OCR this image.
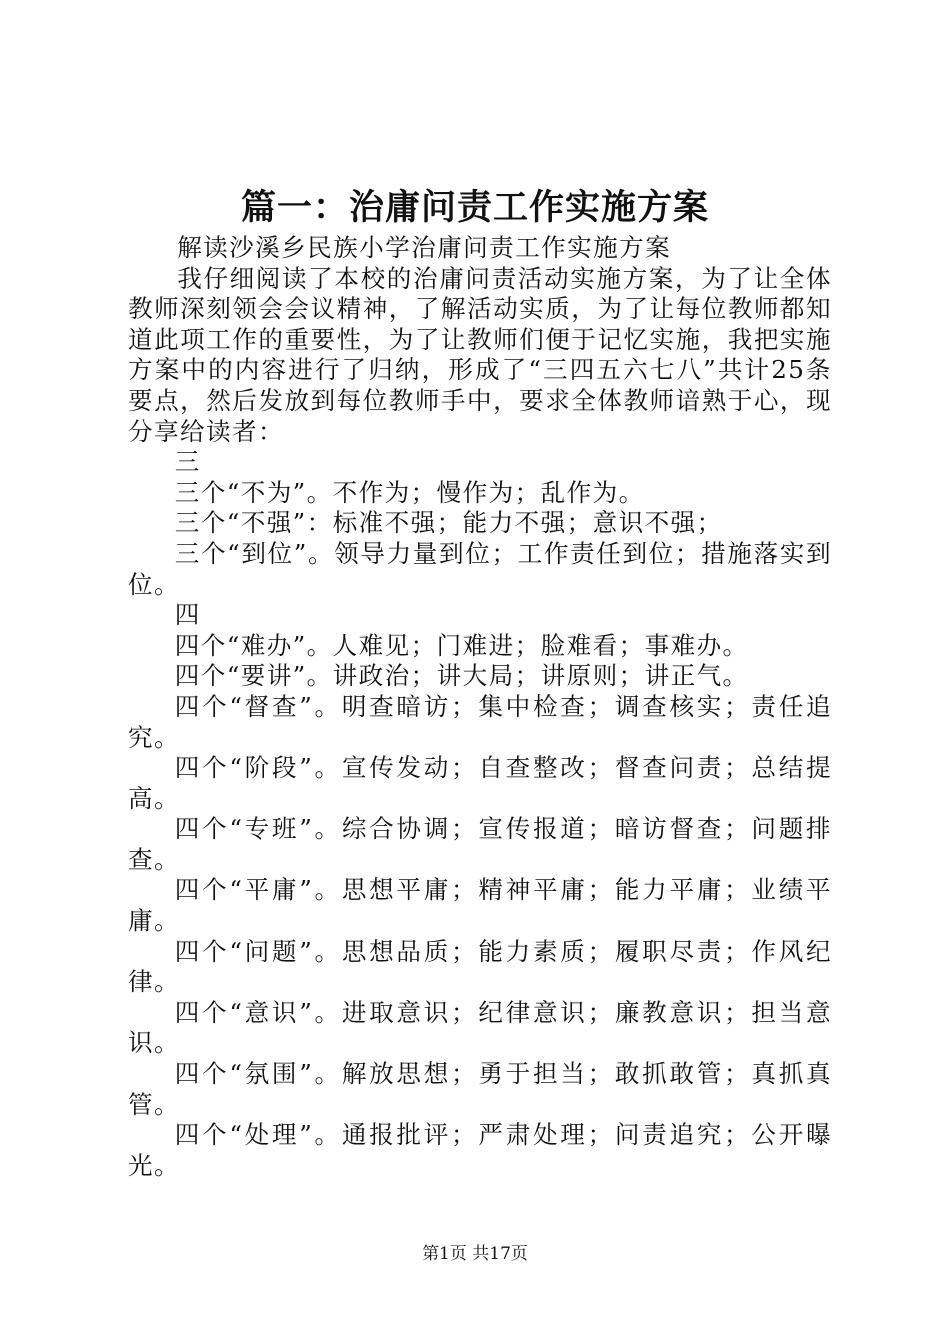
篇一：治庸问责工作实施方案

解读沙溪乡民族小学治庸问责工作实施方案

我仔细阅读了本校的治庸问责活动实施方案，为了让全体教师深刻领会会议精神，了解活动实质，为了让每位教师都知道此项工作的重要性，为了让教师们便于记忆实施，我把实施方案中的内容进行了归纳，形成了“三四五六七八”共计25条要点，然后发放到每位教师手中，要求全体教师谙熟于心，现分享给读者：

三

三个“不为”。不作为；慢作为；乱作为。

三个“不强”：标准不强；能力不强；意识不强；

三个“到位”。领导力量到位；工作责任到位；措施落实到位。

四

四个“难办”。人难见；门难进；脸难看；事难办。

四个“要讲”。讲政治；讲大局；讲原则；讲正气。

四个“督查”。明查暗访；集中检查；调查核实；责任追究。

四个“阶段”。宣传发动；自查整改；督查问责；总结提高。

四个“专班”。综合协调；宣传报道；暗访督查；问题排查。

四个“平庸”。思想平庸；精神平庸；能力平庸；业绩平庸。

四个“问题”。思想品质；能力素质；履职尽责；作风纪律。

四个“意识”。进取意识；纪律意识；廉教意识；担当意识。

四个“氛围”。解放思想；勇于担当；敢抓敢管；真抓真管。

四个“处理”。通报批评；严肃处理；问责追究；公开曝光。

第1页 共17页
